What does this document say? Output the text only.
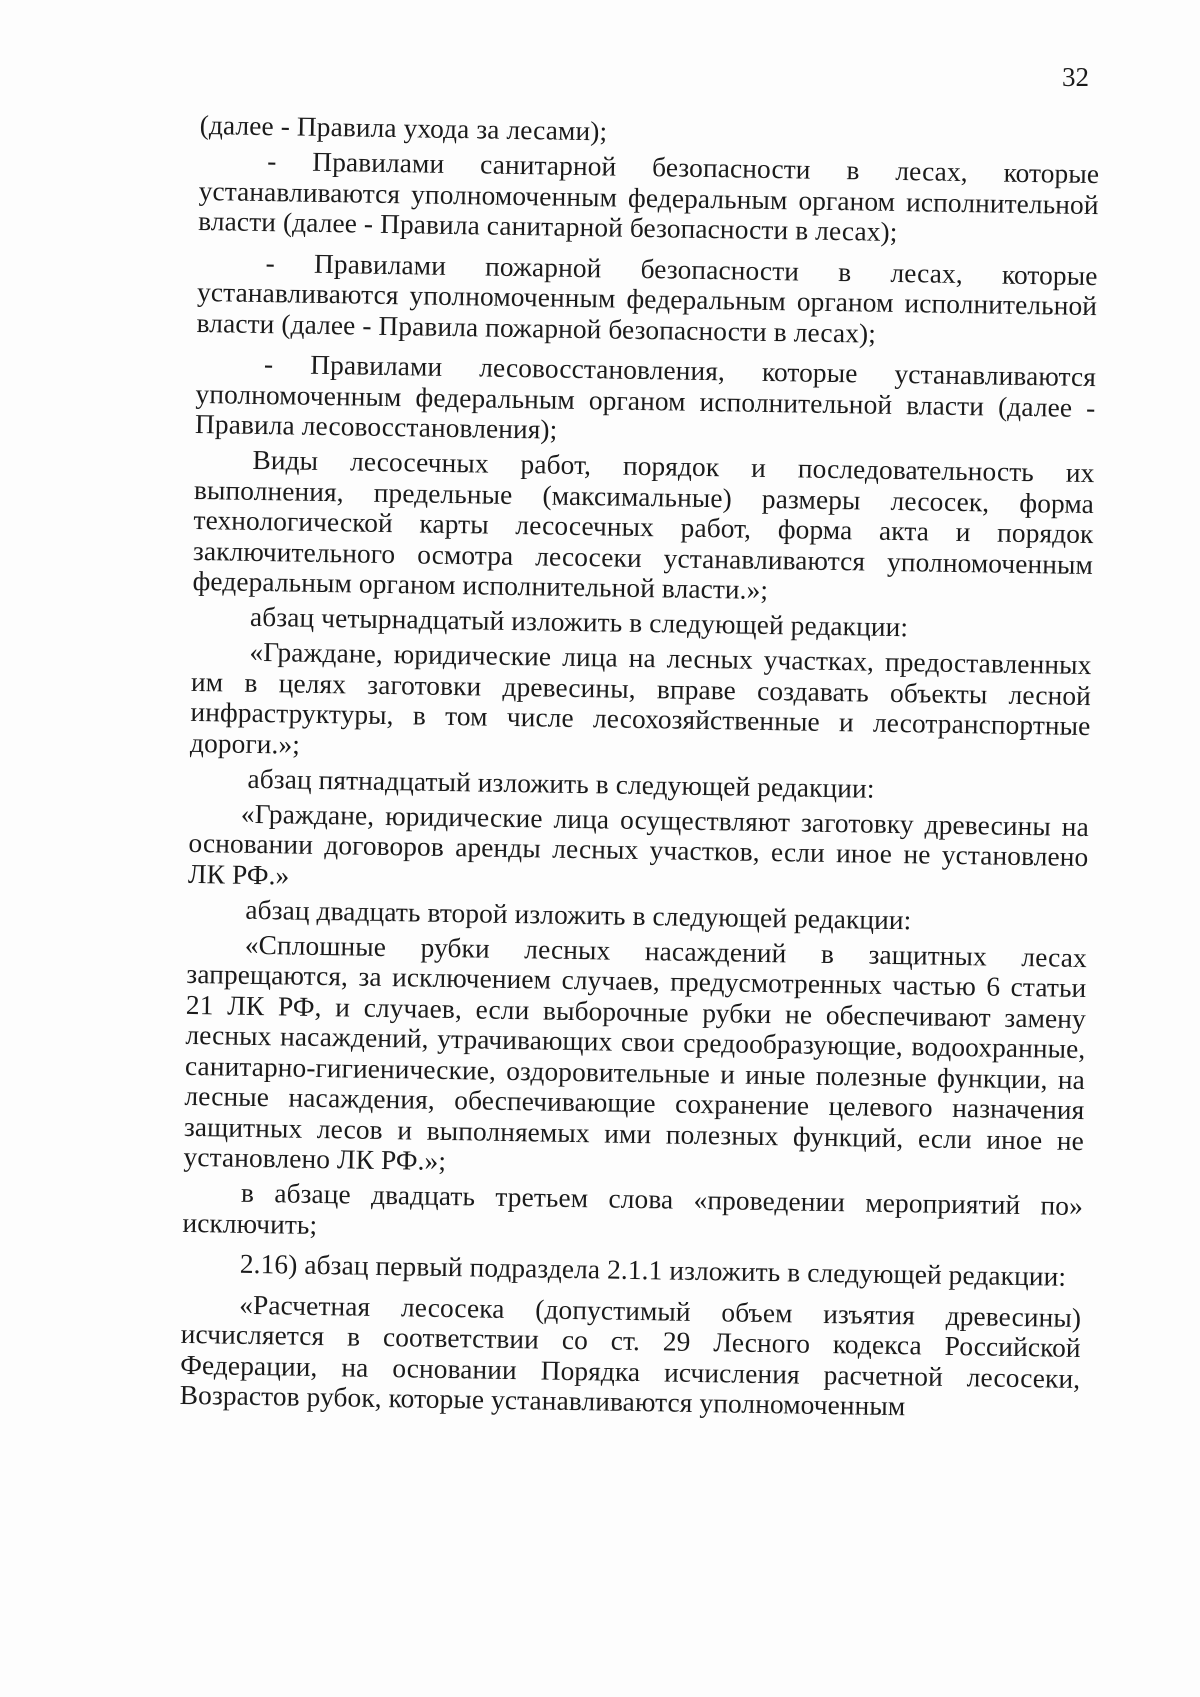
32

(далее - Правила ухода за лесами);

- Правилами санитарной безопасности в лесах, которые устанавливаются уполномоченным федеральным органом исполнительной власти (далее - Правила санитарной безопасности в лесах);

- Правилами пожарной безопасности в лесах, которые устанавливаются уполномоченным федеральным органом исполнительной власти (далее - Правила пожарной безопасности в лесах);

- Правилами лесовосстановления, которые устанавливаются уполномоченным федеральным органом исполнительной власти (далее - Правила лесовосстановления);

Виды лесосечных работ, порядок и последовательность их выполнения, предельные (максимальные) размеры лесосек, форма технологической карты лесосечных работ, форма акта и порядок заключительного осмотра лесосеки устанавливаются уполномоченным федеральным органом исполнительной власти.»;

абзац четырнадцатый изложить в следующей редакции:

«Граждане, юридические лица на лесных участках, предоставленных им в целях заготовки древесины, вправе создавать объекты лесной инфраструктуры, в том числе лесохозяйственные и лесотранспортные дороги.»;

абзац пятнадцатый изложить в следующей редакции:

«Граждане, юридические лица осуществляют заготовку древесины на основании договоров аренды лесных участков, если иное не установлено ЛК РФ.»

абзац двадцать второй изложить в следующей редакции:

«Сплошные рубки лесных насаждений в защитных лесах запрещаются, за исключением случаев, предусмотренных частью 6 статьи 21 ЛК РФ, и случаев, если выборочные рубки не обеспечивают замену лесных насаждений, утрачивающих свои средообразующие, водоохранные, санитарно-гигиенические, оздоровительные и иные полезные функции, на лесные насаждения, обеспечивающие сохранение целевого назначения защитных лесов и выполняемых ими полезных функций, если иное не установлено ЛК РФ.»;

в абзаце двадцать третьем слова «проведении мероприятий по» исключить;

2.16) абзац первый подраздела 2.1.1 изложить в следующей редакции:

«Расчетная лесосека (допустимый объем изъятия древесины) исчисляется в соответствии со ст. 29 Лесного кодекса Российской Федерации, на основании Порядка исчисления расчетной лесосеки, Возрастов рубок, которые устанавливаются уполномоченным
